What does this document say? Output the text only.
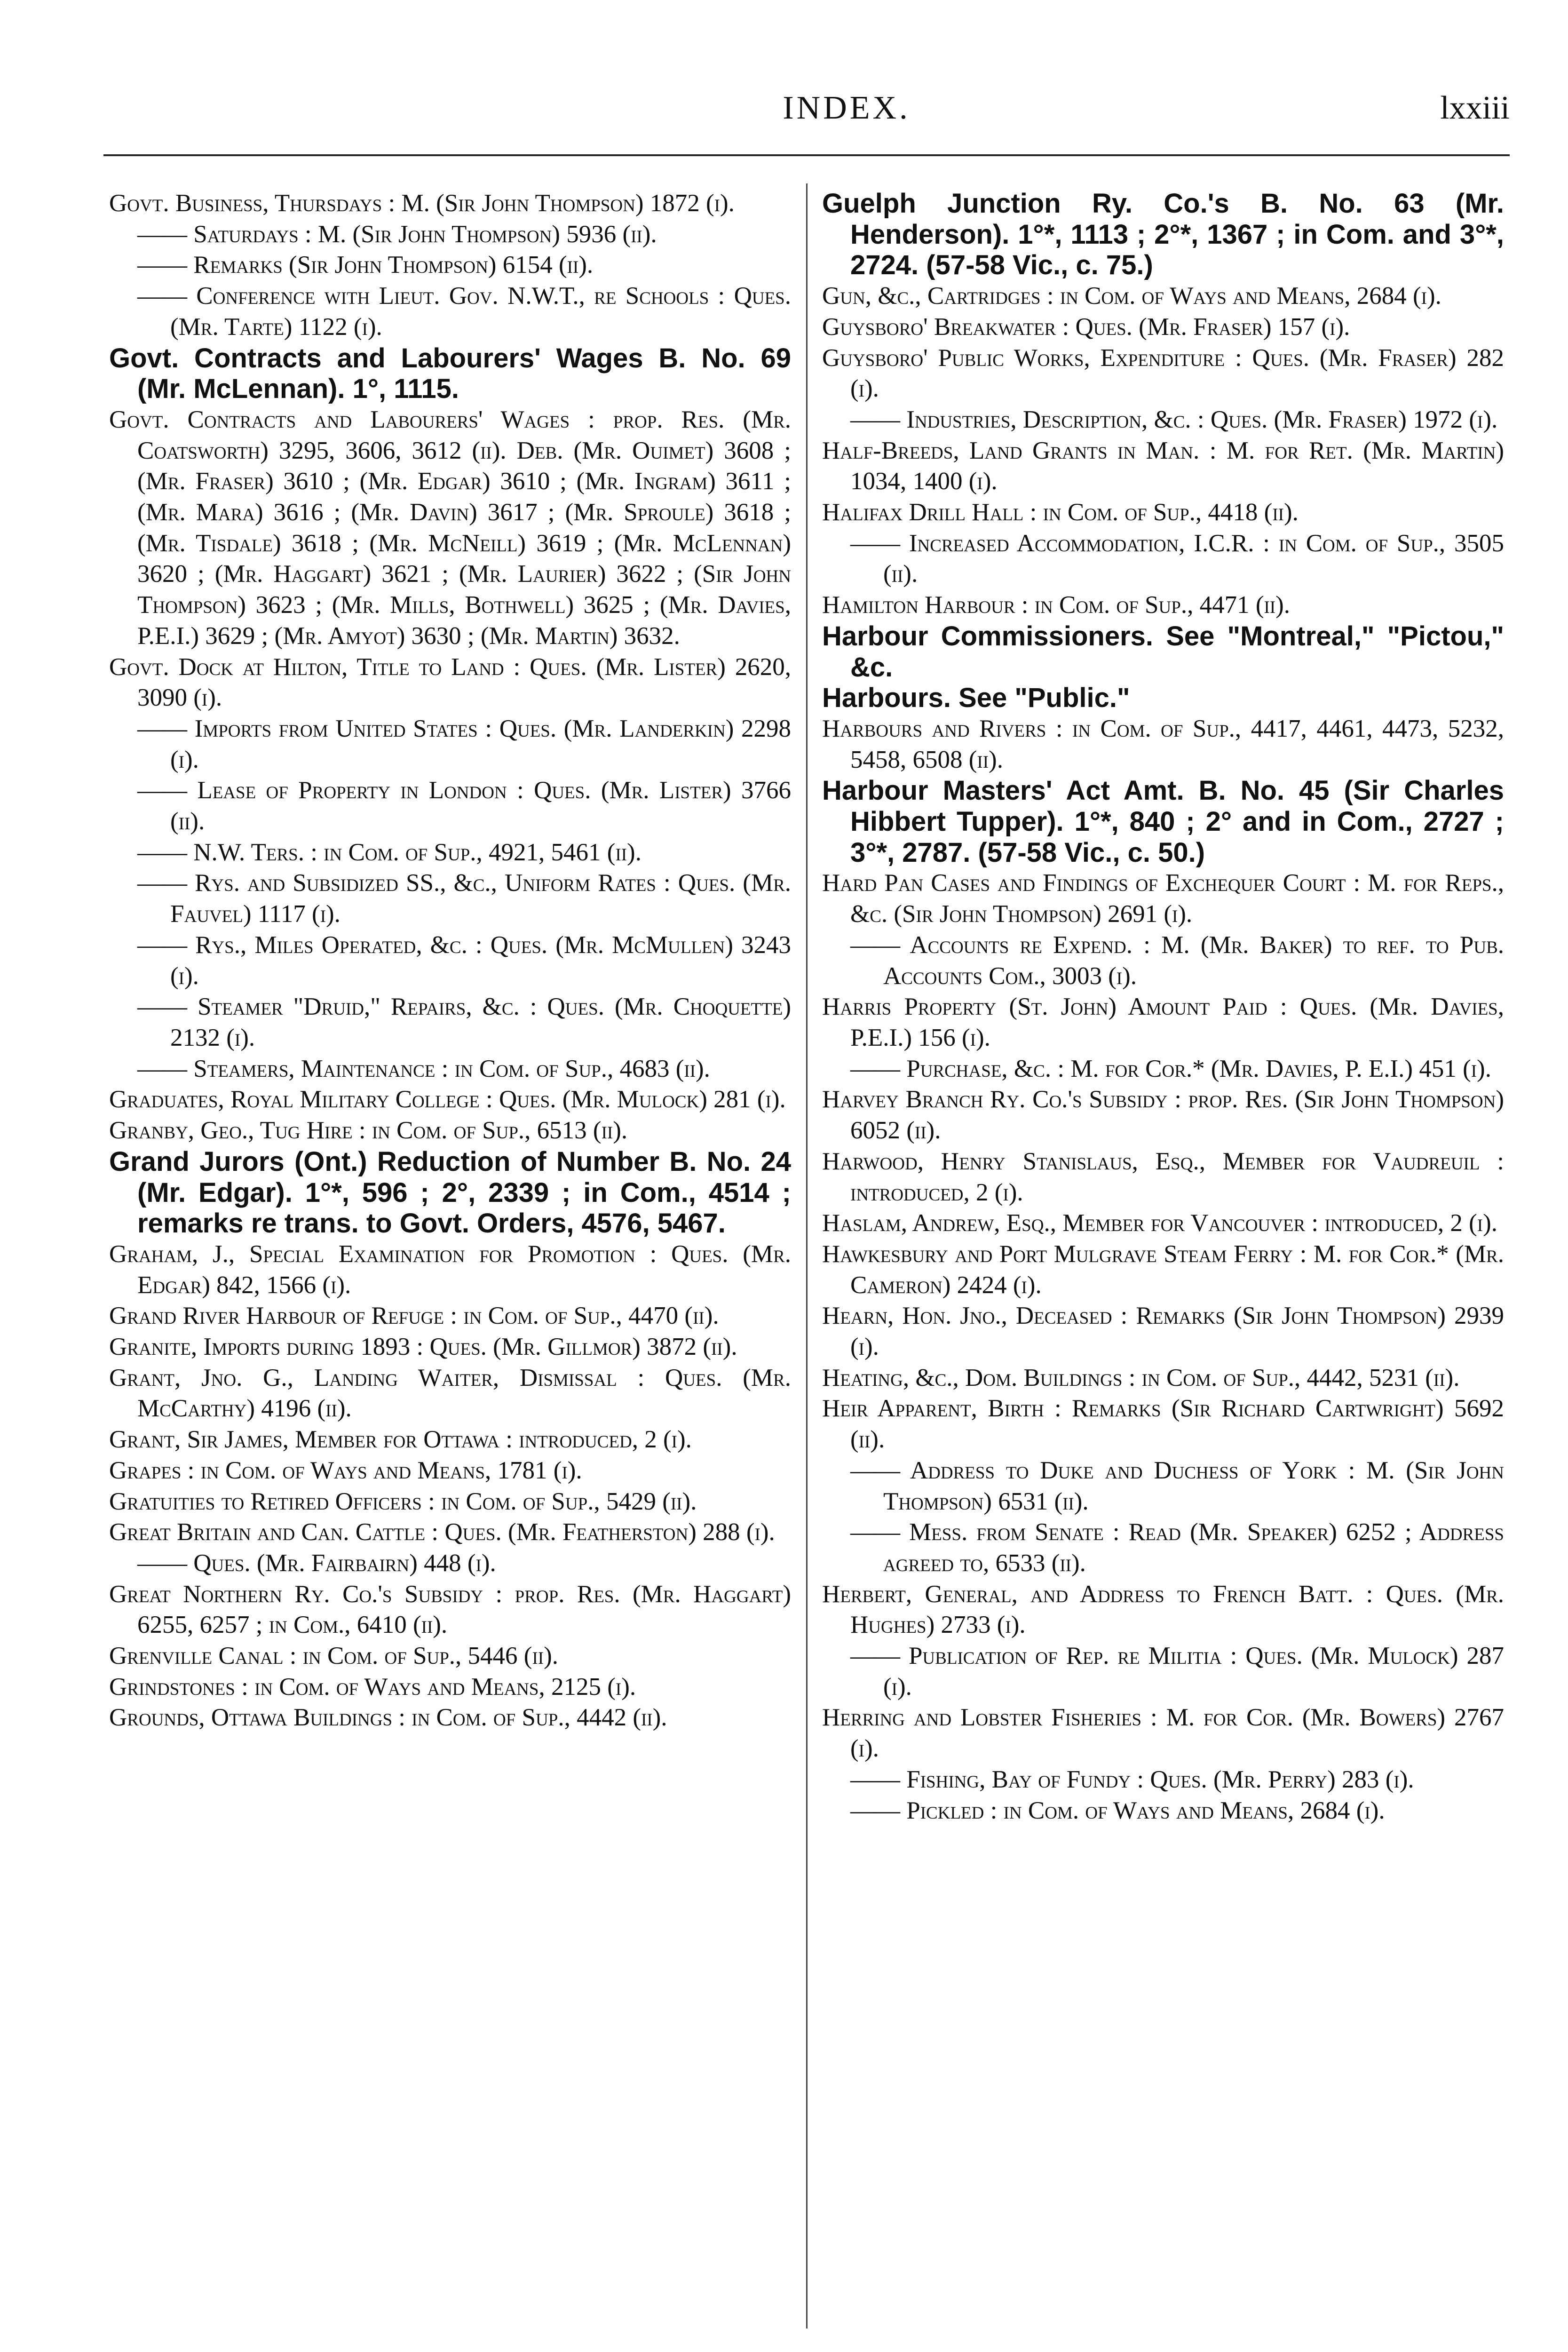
INDEX.	lxxiii
Govt. Business, Thursdays : M. (Sir John Thompson) 1872 (i).
—— Saturdays : M. (Sir John Thompson) 5936 (ii).
—— Remarks (Sir John Thompson) 6154 (ii).
—— Conference with Lieut. Gov. N.W.T., re Schools : Ques. (Mr. Tarte) 1122 (i).
Govt. Contracts and Labourers' Wages B. No. 69 (Mr. McLennan). 1°, 1115.
Govt. Contracts and Labourers' Wages : prop. Res. (Mr. Coatsworth) 3295, 3606, 3612 (ii). Deb. (Mr. Ouimet) 3608 ; (Mr. Fraser) 3610 ; (Mr. Edgar) 3610 ; (Mr. Ingram) 3611 ; (Mr. Mara) 3616 ; (Mr. Davin) 3617 ; (Mr. Sproule) 3618 ; (Mr. Tisdale) 3618 ; (Mr. McNeill) 3619 ; (Mr. McLennan) 3620 ; (Mr. Haggart) 3621 ; (Mr. Laurier) 3622 ; (Sir John Thompson) 3623 ; (Mr. Mills, Bothwell) 3625 ; (Mr. Davies, P.E.I.) 3629 ; (Mr. Amyot) 3630 ; (Mr. Martin) 3632.
Govt. Dock at Hilton, Title to Land : Ques. (Mr. Lister) 2620, 3090 (i).
—— Imports from United States : Ques. (Mr. Landerkin) 2298 (i).
—— Lease of Property in London : Ques. (Mr. Lister) 3766 (ii).
—— N.W. Ters. : in Com. of Sup., 4921, 5461 (ii).
—— Rys. and Subsidized SS., &c., Uniform Rates : Ques. (Mr. Fauvel) 1117 (i).
—— Rys., Miles Operated, &c. : Ques. (Mr. McMullen) 3243 (i).
—— Steamer "Druid," Repairs, &c. : Ques. (Mr. Choquette) 2132 (i).
—— Steamers, Maintenance : in Com. of Sup., 4683 (ii).
Graduates, Royal Military College : Ques. (Mr. Mulock) 281 (i).
Granby, Geo., Tug Hire : in Com. of Sup., 6513 (ii).
Grand Jurors (Ont.) Reduction of Number B. No. 24 (Mr. Edgar). 1°*, 596 ; 2°, 2339 ; in Com., 4514 ; remarks re trans. to Govt. Orders, 4576, 5467.
Graham, J., Special Examination for Promotion : Ques. (Mr. Edgar) 842, 1566 (i).
Grand River Harbour of Refuge : in Com. of Sup., 4470 (ii).
Granite, Imports during 1893 : Ques. (Mr. Gillmor) 3872 (ii).
Grant, Jno. G., Landing Waiter, Dismissal : Ques. (Mr. McCarthy) 4196 (ii).
Grant, Sir James, Member for Ottawa : introduced, 2 (i).
Grapes : in Com. of Ways and Means, 1781 (i).
Gratuities to Retired Officers : in Com. of Sup., 5429 (ii).
Great Britain and Can. Cattle : Ques. (Mr. Featherston) 288 (i).
—— Ques. (Mr. Fairbairn) 448 (i).
Great Northern Ry. Co.'s Subsidy : prop. Res. (Mr. Haggart) 6255, 6257 ; in Com., 6410 (ii).
Grenville Canal : in Com. of Sup., 5446 (ii).
Grindstones : in Com. of Ways and Means, 2125 (i).
Grounds, Ottawa Buildings : in Com. of Sup., 4442 (ii).
Guelph Junction Ry. Co.'s B. No. 63 (Mr. Henderson). 1°*, 1113 ; 2°*, 1367 ; in Com. and 3°*, 2724. (57-58 Vic., c. 75.)
Gun, &c., Cartridges : in Com. of Ways and Means, 2684 (i).
Guysboro' Breakwater : Ques. (Mr. Fraser) 157 (i).
Guysboro' Public Works, Expenditure : Ques. (Mr. Fraser) 282 (i).
—— Industries, Description, &c. : Ques. (Mr. Fraser) 1972 (i).
Half-Breeds, Land Grants in Man. : M. for Ret. (Mr. Martin) 1034, 1400 (i).
Halifax Drill Hall : in Com. of Sup., 4418 (ii).
—— Increased Accommodation, I.C.R. : in Com. of Sup., 3505 (ii).
Hamilton Harbour : in Com. of Sup., 4471 (ii).
Harbour Commissioners. See "Montreal," "Pictou," &c.
Harbours. See "Public."
Harbours and Rivers : in Com. of Sup., 4417, 4461, 4473, 5232, 5458, 6508 (ii).
Harbour Masters' Act Amt. B. No. 45 (Sir Charles Hibbert Tupper). 1°*, 840 ; 2° and in Com., 2727 ; 3°*, 2787. (57-58 Vic., c. 50.)
Hard Pan Cases and Findings of Exchequer Court : M. for Reps., &c. (Sir John Thompson) 2691 (i).
—— Accounts re Expend. : M. (Mr. Baker) to ref. to Pub. Accounts Com., 3003 (i).
Harris Property (St. John) Amount Paid : Ques. (Mr. Davies, P.E.I.) 156 (i).
—— Purchase, &c. : M. for Cor.* (Mr. Davies, P. E.I.) 451 (i).
Harvey Branch Ry. Co.'s Subsidy : prop. Res. (Sir John Thompson) 6052 (ii).
Harwood, Henry Stanislaus, Esq., Member for Vaudreuil : introduced, 2 (i).
Haslam, Andrew, Esq., Member for Vancouver : introduced, 2 (i).
Hawkesbury and Port Mulgrave Steam Ferry : M. for Cor.* (Mr. Cameron) 2424 (i).
Hearn, Hon. Jno., Deceased : Remarks (Sir John Thompson) 2939 (i).
Heating, &c., Dom. Buildings : in Com. of Sup., 4442, 5231 (ii).
Heir Apparent, Birth : Remarks (Sir Richard Cartwright) 5692 (ii).
—— Address to Duke and Duchess of York : M. (Sir John Thompson) 6531 (ii).
—— Mess. from Senate : Read (Mr. Speaker) 6252 ; Address agreed to, 6533 (ii).
Herbert, General, and Address to French Batt. : Ques. (Mr. Hughes) 2733 (i).
—— Publication of Rep. re Militia : Ques. (Mr. Mulock) 287 (i).
Herring and Lobster Fisheries : M. for Cor. (Mr. Bowers) 2767 (i).
—— Fishing, Bay of Fundy : Ques. (Mr. Perry) 283 (i).
—— Pickled : in Com. of Ways and Means, 2684 (i).
